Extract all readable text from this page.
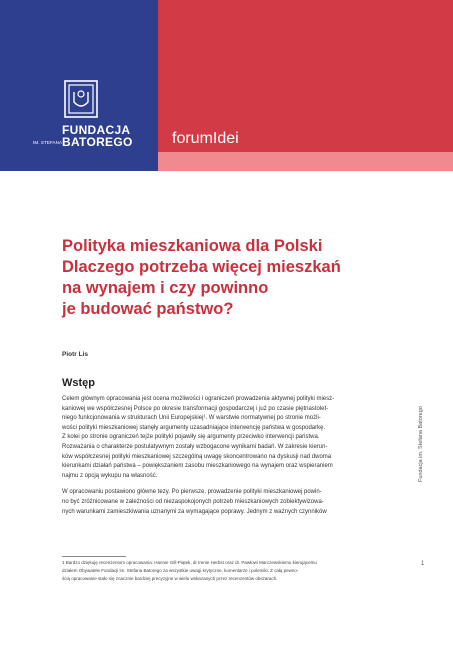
FUNDACJA
IM. STEFANA BATOREGO forumIdei
Polityka mieszkaniowa dla Polski
Dlaczego potrzeba więcej mieszkań
na wynajem i czy powinno
je budować państwo?
Piotr Lis
Wstęp

Celem głównym opracowania jest ocena możliwości i ograniczeń prowadzenia aktywnej polityki miesz-
kaniowej we współczesnej Polsce po okresie transformacji gospodarczej i już po czasie piętnastolet-
niego funkcjonowania w strukturach Unii Europejskiej¹. W warstwie normatywnej po stronie możli-
wości polityki mieszkaniowej stanęły argumenty uzasadniające interwencję państwa w gospodarkę.
Z kolei po stronie ograniczeń tejże polityki pojawiły się argumenty przeciwko interwencji państwa.
Rozważania o charakterze postulatywnym zostały wzbogacone wynikami badań. W zakresie kierun-
ków współczesnej polityki mieszkaniowej szczególną uwagę skoncentrowano na dyskusji nad dwoma
kierunkami działań państwa – powiększaniem zasobu mieszkaniowego na wynajem oraz wspieraniem
najmu z opcją wykupu na własność.

W opracowaniu postawiono główne tezy. Po pierwsze, prowadzenie polityki mieszkaniowej powin-
no być zróżnicowane w zależności od niezaspokojonych potrzeb mieszkaniowych zobiektywizowa-
nych warunkami zamieszkiwania uznanymi za wymagające poprawy. Jednym z ważnych czynników

1 Bardzo dziękuję recenzentom opracowania: Hannie Gill-Piątek, dr Irenie Herbst oraz dr. Pawłowi Marczewskiemu kierującemu
działem Obywatele Fundacji im. Stefana Batorego za wszystkie uwagi krytyczne, komentarze i polemiki. Z całą pewno-
ścią opracowanie stało się znacznie bardziej precyzyjne w wielu wskazanych przez recenzentów obszarach.
Fundacja im. Stefana Batorego
1
